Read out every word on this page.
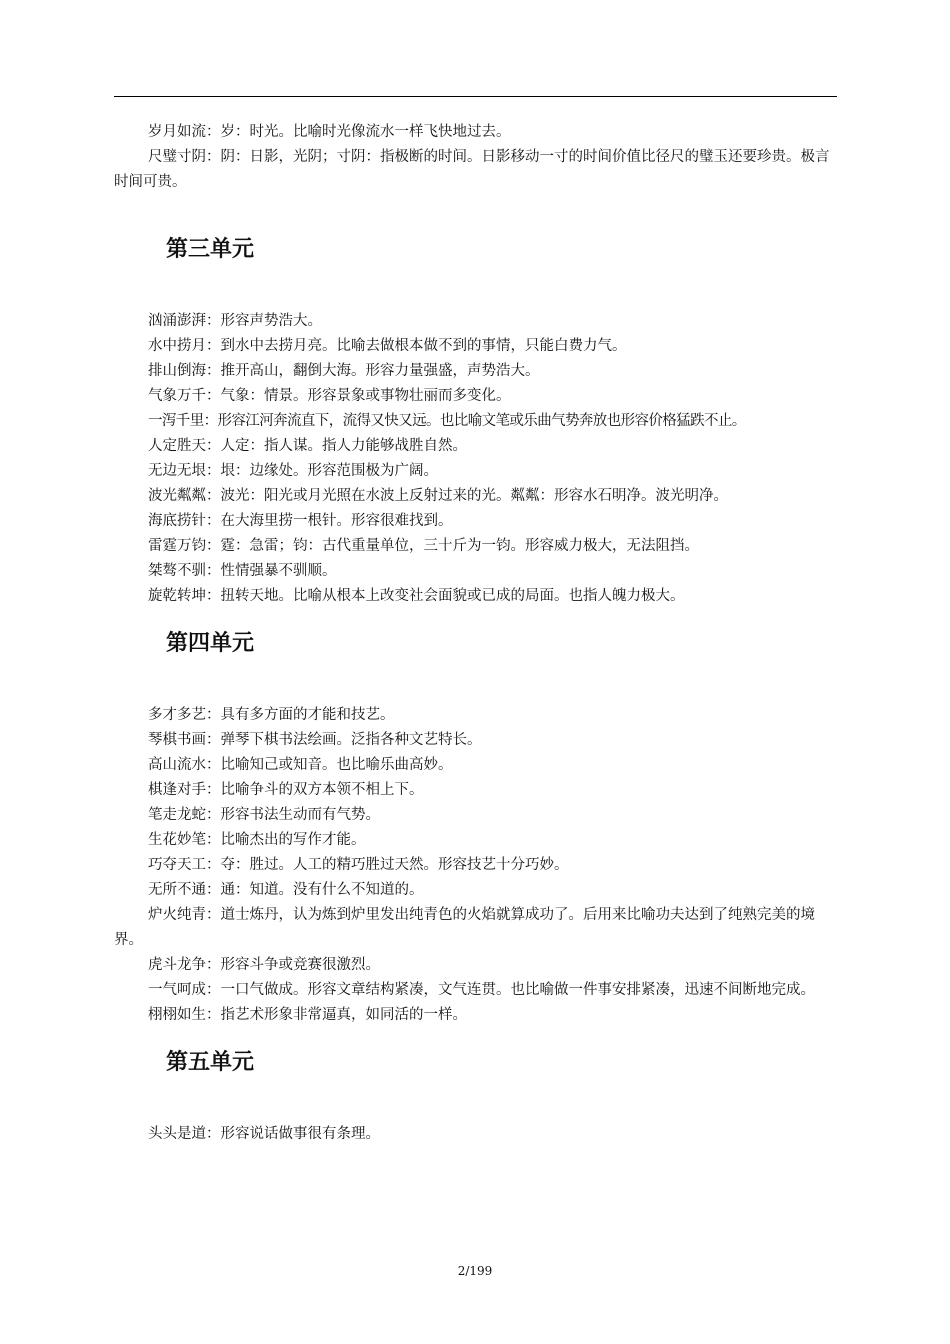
岁月如流：岁：时光。比喻时光像流水一样飞快地过去。

尺璧寸阴：阴：日影，光阴；寸阴：指极断的时间。日影移动一寸的时间价值比径尺的璧玉还要珍贵。极言时间可贵。

第三单元

汹涌澎湃：形容声势浩大。

水中捞月：到水中去捞月亮。比喻去做根本做不到的事情，只能白费力气。

排山倒海：推开高山，翻倒大海。形容力量强盛，声势浩大。

气象万千：气象：情景。形容景象或事物壮丽而多变化。

一泻千里：形容江河奔流直下，流得又快又远。也比喻文笔或乐曲气势奔放也形容价格猛跌不止。

人定胜天：人定：指人谋。指人力能够战胜自然。

无边无垠：垠：边缘处。形容范围极为广阔。

波光粼粼：波光：阳光或月光照在水波上反射过来的光。粼粼：形容水石明净。波光明净。

海底捞针：在大海里捞一根针。形容很难找到。

雷霆万钧：霆：急雷；钧：古代重量单位，三十斤为一钧。形容威力极大，无法阻挡。

桀骜不驯：性情强暴不驯顺。

旋乾转坤：扭转天地。比喻从根本上改变社会面貌或已成的局面。也指人魄力极大。

第四单元

多才多艺：具有多方面的才能和技艺。

琴棋书画：弹琴下棋书法绘画。泛指各种文艺特长。

高山流水：比喻知己或知音。也比喻乐曲高妙。

棋逢对手：比喻争斗的双方本领不相上下。

笔走龙蛇：形容书法生动而有气势。

生花妙笔：比喻杰出的写作才能。

巧夺天工：夺：胜过。人工的精巧胜过天然。形容技艺十分巧妙。

无所不通：通：知道。没有什么不知道的。

炉火纯青：道士炼丹，认为炼到炉里发出纯青色的火焰就算成功了。后用来比喻功夫达到了纯熟完美的境界。

虎斗龙争：形容斗争或竞赛很激烈。

一气呵成：一口气做成。形容文章结构紧凑，文气连贯。也比喻做一件事安排紧凑，迅速不间断地完成。

栩栩如生：指艺术形象非常逼真，如同活的一样。

第五单元

头头是道：形容说话做事很有条理。

2/199
